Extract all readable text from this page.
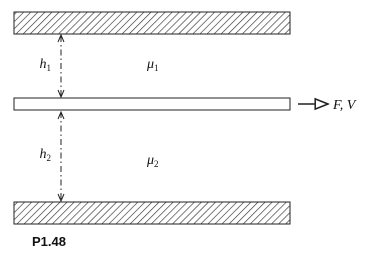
$h_1$	$\mu_1$
$h_2$	$\mu_2$
F, V
P1.48
